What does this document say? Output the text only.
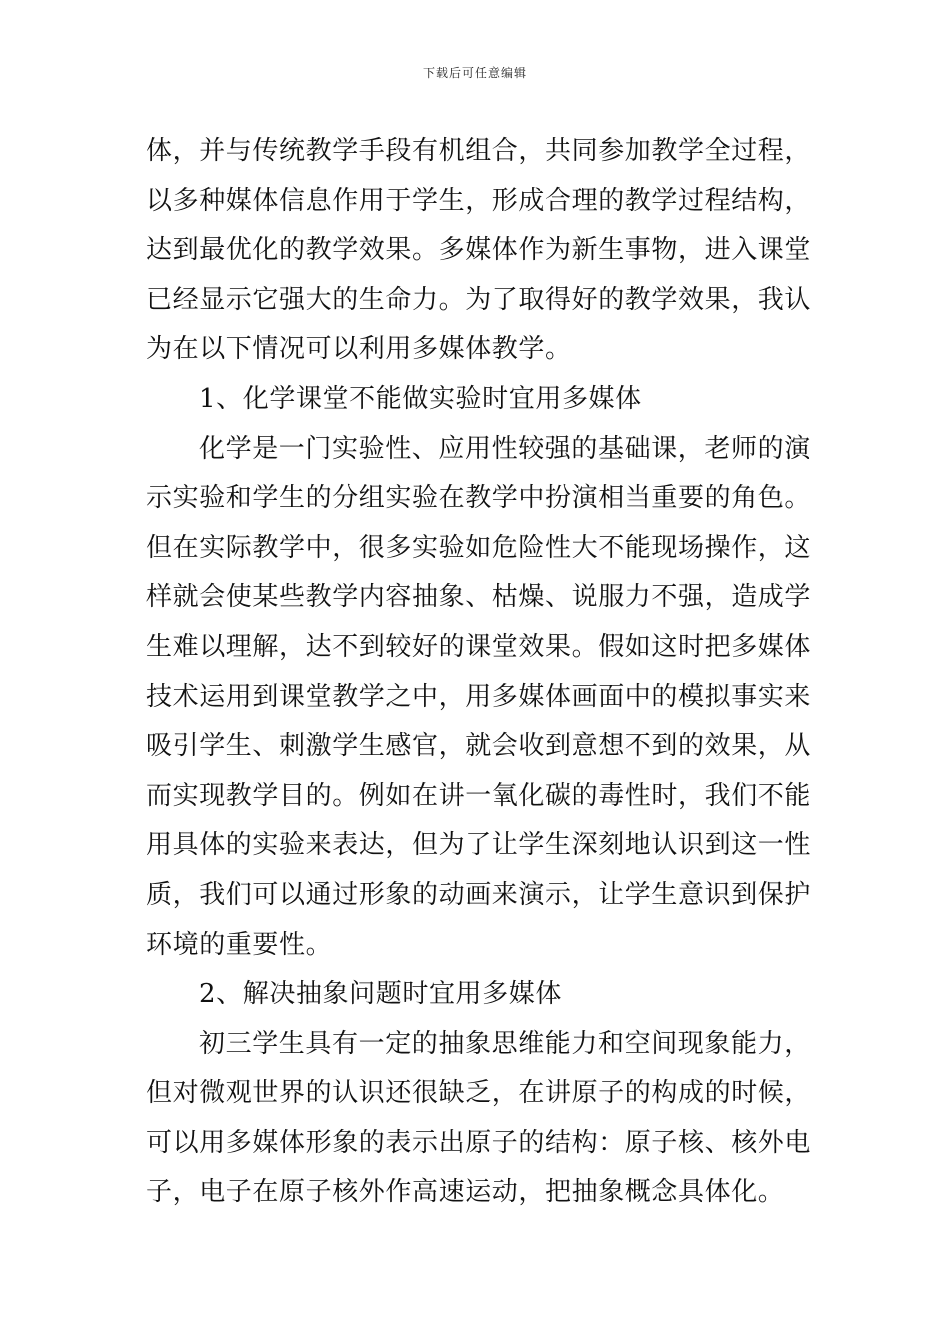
下载后可任意编辑
体，并与传统教学手段有机组合，共同参加教学全过程，
以多种媒体信息作用于学生，形成合理的教学过程结构，
达到最优化的教学效果。多媒体作为新生事物，进入课堂
已经显示它强大的生命力。为了取得好的教学效果，我认
为在以下情况可以利用多媒体教学。
1、化学课堂不能做实验时宜用多媒体
化学是一门实验性、应用性较强的基础课，老师的演
示实验和学生的分组实验在教学中扮演相当重要的角色。
但在实际教学中，很多实验如危险性大不能现场操作，这
样就会使某些教学内容抽象、枯燥、说服力不强，造成学
生难以理解，达不到较好的课堂效果。假如这时把多媒体
技术运用到课堂教学之中，用多媒体画面中的模拟事实来
吸引学生、刺激学生感官，就会收到意想不到的效果，从
而实现教学目的。例如在讲一氧化碳的毒性时，我们不能
用具体的实验来表达，但为了让学生深刻地认识到这一性
质，我们可以通过形象的动画来演示，让学生意识到保护
环境的重要性。
2、解决抽象问题时宜用多媒体
初三学生具有一定的抽象思维能力和空间现象能力，
但对微观世界的认识还很缺乏，在讲原子的构成的时候，
可以用多媒体形象的表示出原子的结构：原子核、核外电
子，电子在原子核外作高速运动，把抽象概念具体化。
